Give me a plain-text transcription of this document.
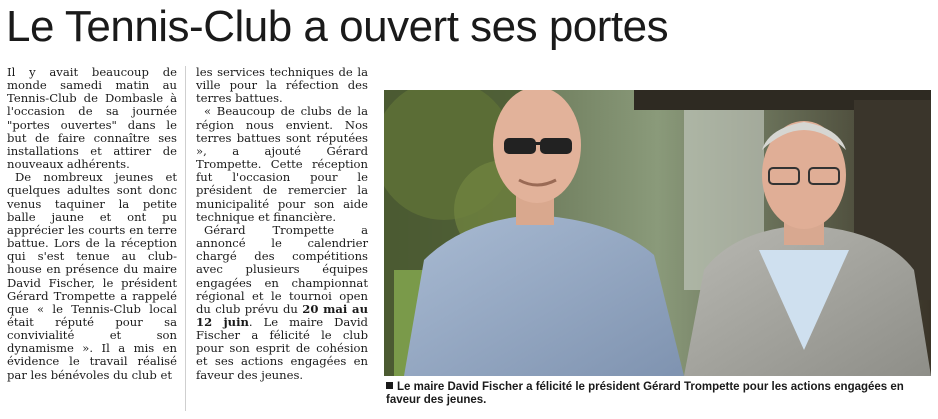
Le Tennis-Club a ouvert ses portes

Il y avait beaucoup de monde samedi matin au Tennis-Club de Dombasle à l'occasion de sa journée "portes ouvertes" dans le but de faire connaître ses installations et attirer de nouveaux adhérents.

De nombreux jeunes et quelques adultes sont donc venus taquiner la petite balle jaune et ont pu apprécier les courts en terre battue. Lors de la réception qui s'est tenue au club-house en présence du maire David Fischer, le président Gérard Trompette a rappelé que « le Tennis-Club local était réputé pour sa convivialité et son dynamisme ». Il a mis en évidence le travail réalisé par les bénévoles du club et

les services techniques de la ville pour la réfection des terres battues.

« Beaucoup de clubs de la région nous envient. Nos terres battues sont réputées », a ajouté Gérard Trompette. Cette réception fut l'occasion pour le président de remercier la municipalité pour son aide technique et financière.

Gérard Trompette a annoncé le calendrier chargé des compétitions avec plusieurs équipes engagées en championnat régional et le tournoi open du club prévu du 20 mai au 12 juin. Le maire David Fischer a félicité le club pour son esprit de cohésion et ses actions engagées en faveur des jeunes.

Le maire David Fischer a félicité le président Gérard Trompette pour les actions engagées en faveur des jeunes.
